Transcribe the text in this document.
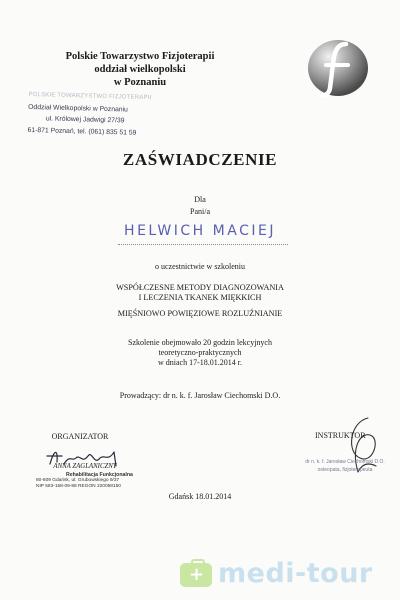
Polskie Towarzystwo Fizjoterapii
oddział wielkopolski
w Poznaniu
POLSKIE TOWARZYSTWO FIZJOTERAPII
Oddział Wielkopolski w Poznaniu
ul. Królowej Jadwigi 27/39
61-871 Poznań, tel. (061) 835 51 59
ZAŚWIADCZENIE
Dla
Pani/a
HELWICH MACIEJ
o uczestnictwie w szkoleniu
WSPÓŁCZESNE METODY DIAGNOZOWANIA
I LECZENIA TKANEK MIĘKKICH
MIĘŚNIOWO POWIĘZIOWE ROZLUŹNIANIE
Szkolenie obejmowało 20 godzin lekcyjnych
teoretyczno-praktycznych
w dniach 17-18.01.2014 r.
Prowadzący: dr n. k. f. Jarosław Ciechomski D.O.
ORGANIZATOR
ANNA ZAGLANICZNY
Rehabilitacja Funkcjonalna
80-809 Gdańsk, ul. Grubowskiego 9/37
NIP 583-158-09-88 REGON 220058150
INSTRUKTOR
dr n. k. f. Jarosław Ciechomski D.O.
osteopata, fizjoterapeuta
Gdańsk 18.01.2014
+ medi-tour
